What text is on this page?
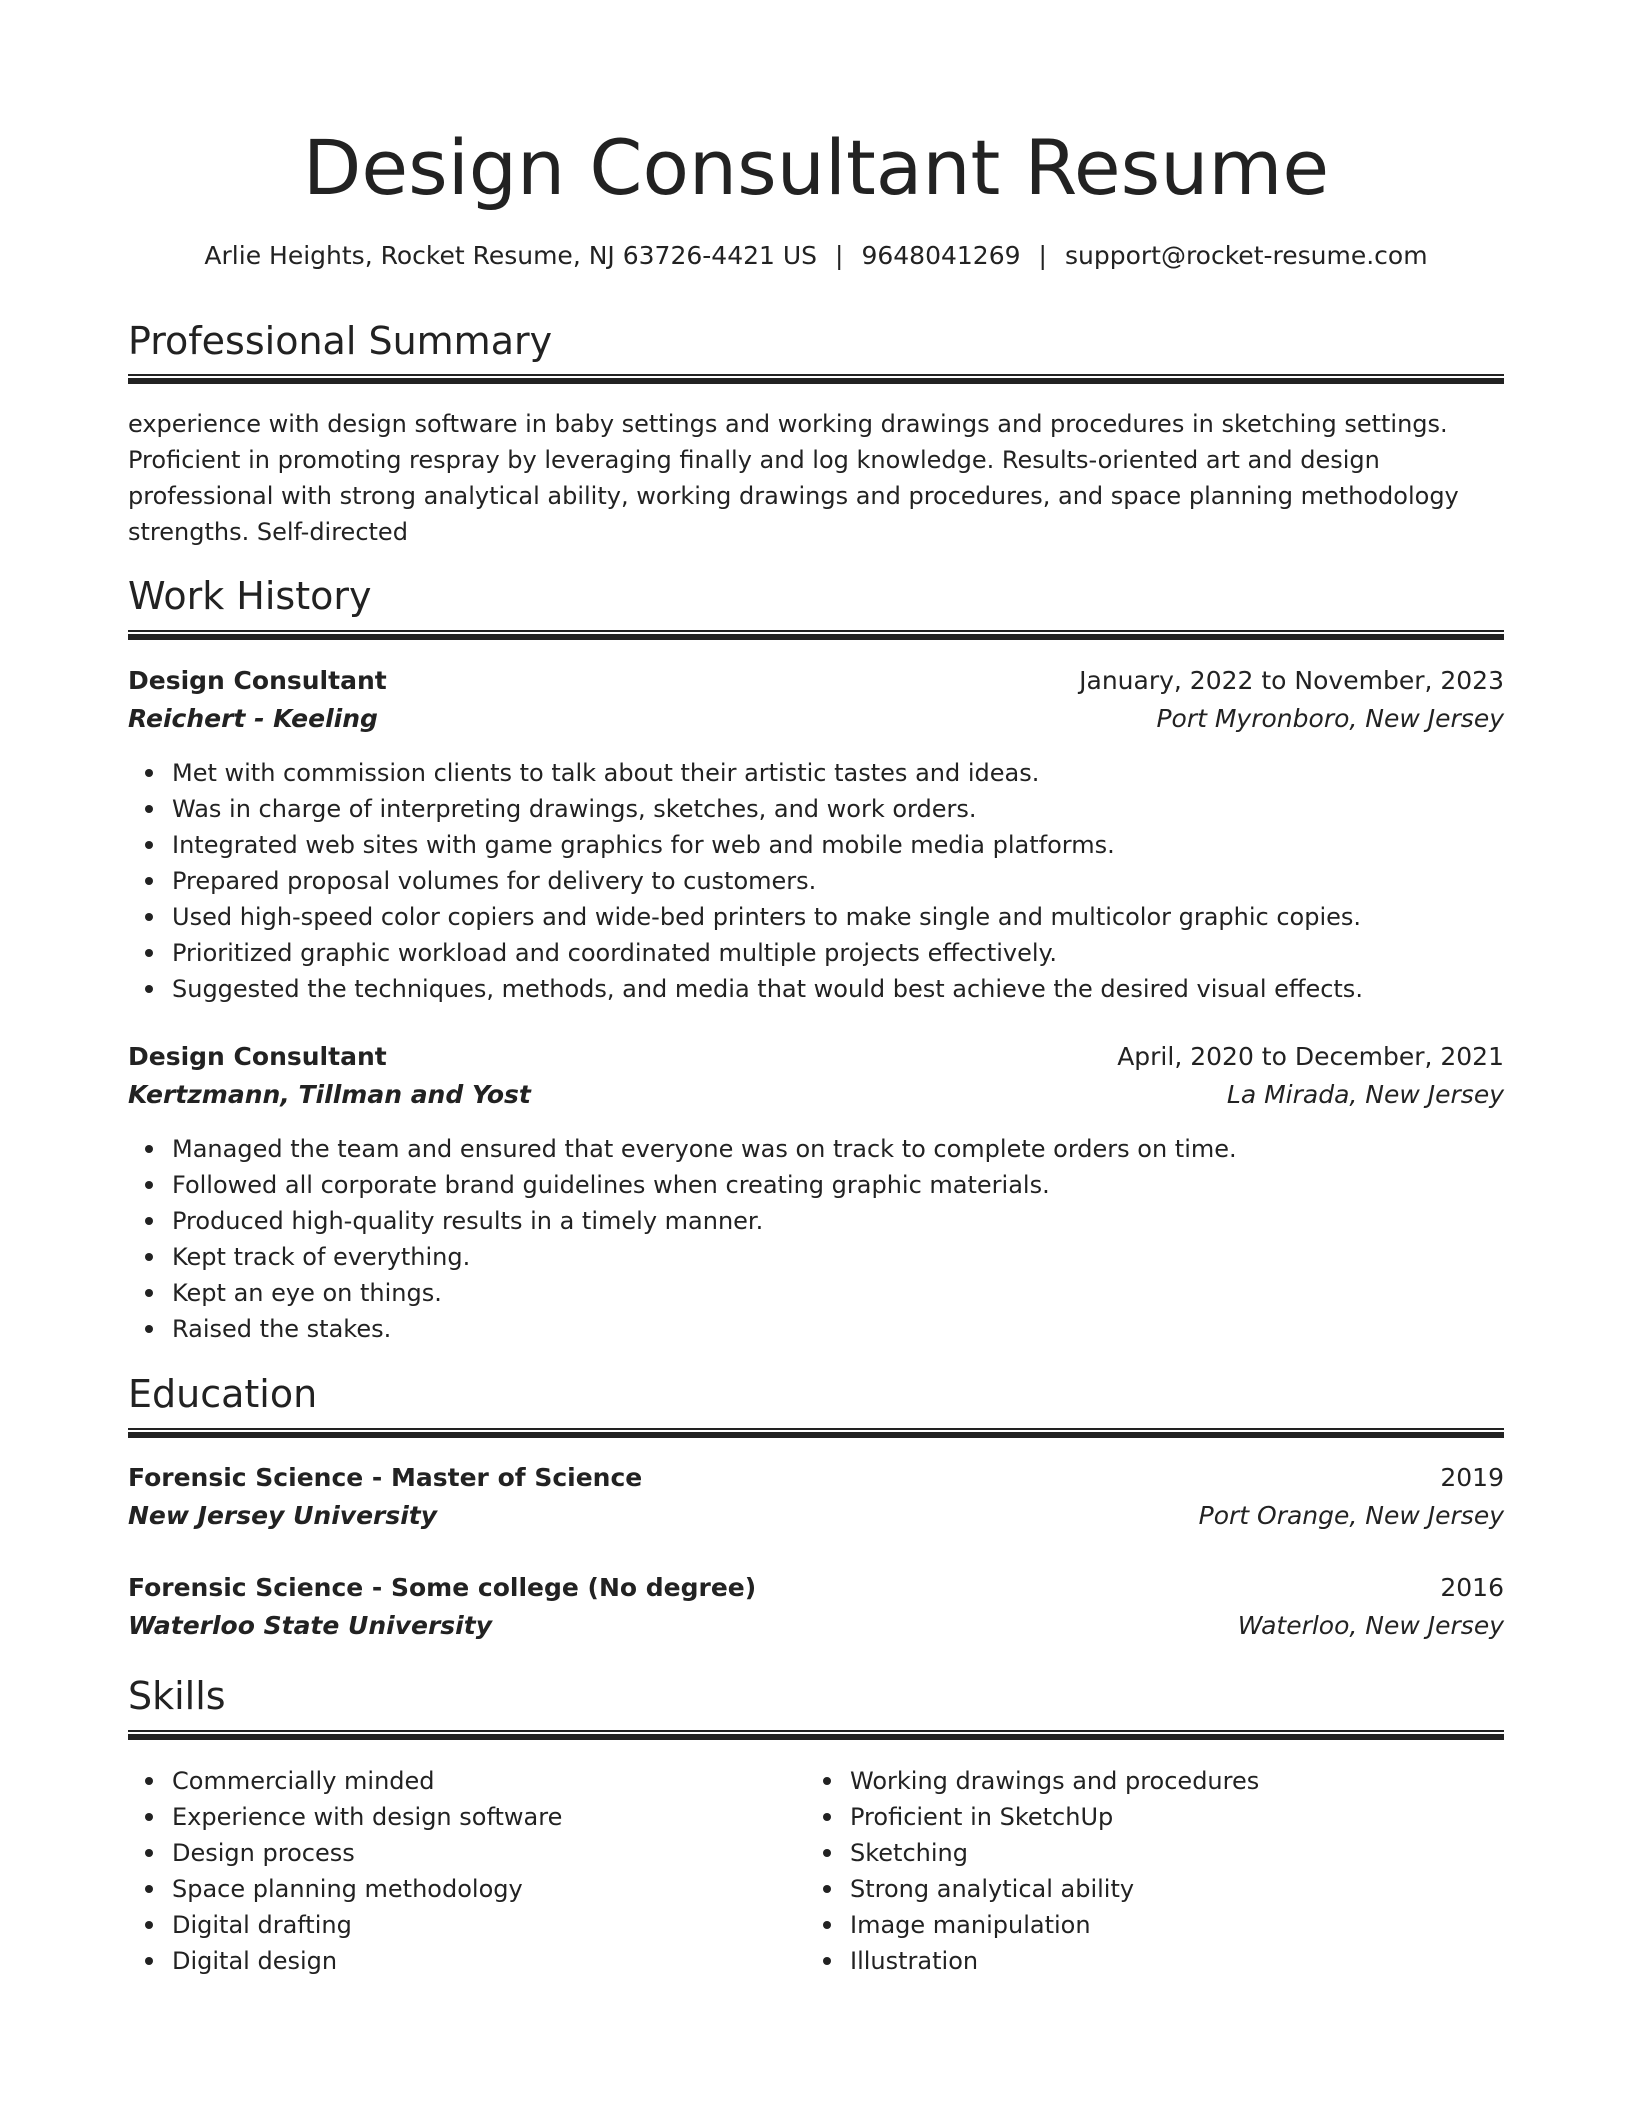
Design Consultant Resume
Arlie Heights, Rocket Resume, NJ 63726-4421 US | 9648041269 | support@rocket-resume.com
Professional Summary
experience with design software in baby settings and working drawings and procedures in sketching settings. Proficient in promoting respray by leveraging finally and log knowledge. Results-oriented art and design professional with strong analytical ability, working drawings and procedures, and space planning methodology strengths. Self-directed
Work History
Design Consultant	January, 2022 to November, 2023
Reichert - Keeling	Port Myronboro, New Jersey
Met with commission clients to talk about their artistic tastes and ideas.
Was in charge of interpreting drawings, sketches, and work orders.
Integrated web sites with game graphics for web and mobile media platforms.
Prepared proposal volumes for delivery to customers.
Used high-speed color copiers and wide-bed printers to make single and multicolor graphic copies.
Prioritized graphic workload and coordinated multiple projects effectively.
Suggested the techniques, methods, and media that would best achieve the desired visual effects.
Design Consultant	April, 2020 to December, 2021
Kertzmann, Tillman and Yost	La Mirada, New Jersey
Managed the team and ensured that everyone was on track to complete orders on time.
Followed all corporate brand guidelines when creating graphic materials.
Produced high-quality results in a timely manner.
Kept track of everything.
Kept an eye on things.
Raised the stakes.
Education
Forensic Science - Master of Science	2019
New Jersey University	Port Orange, New Jersey
Forensic Science - Some college (No degree)	2016
Waterloo State University	Waterloo, New Jersey
Skills
Commercially minded
Experience with design software
Design process
Space planning methodology
Digital drafting
Digital design
Working drawings and procedures
Proficient in SketchUp
Sketching
Strong analytical ability
Image manipulation
Illustration
